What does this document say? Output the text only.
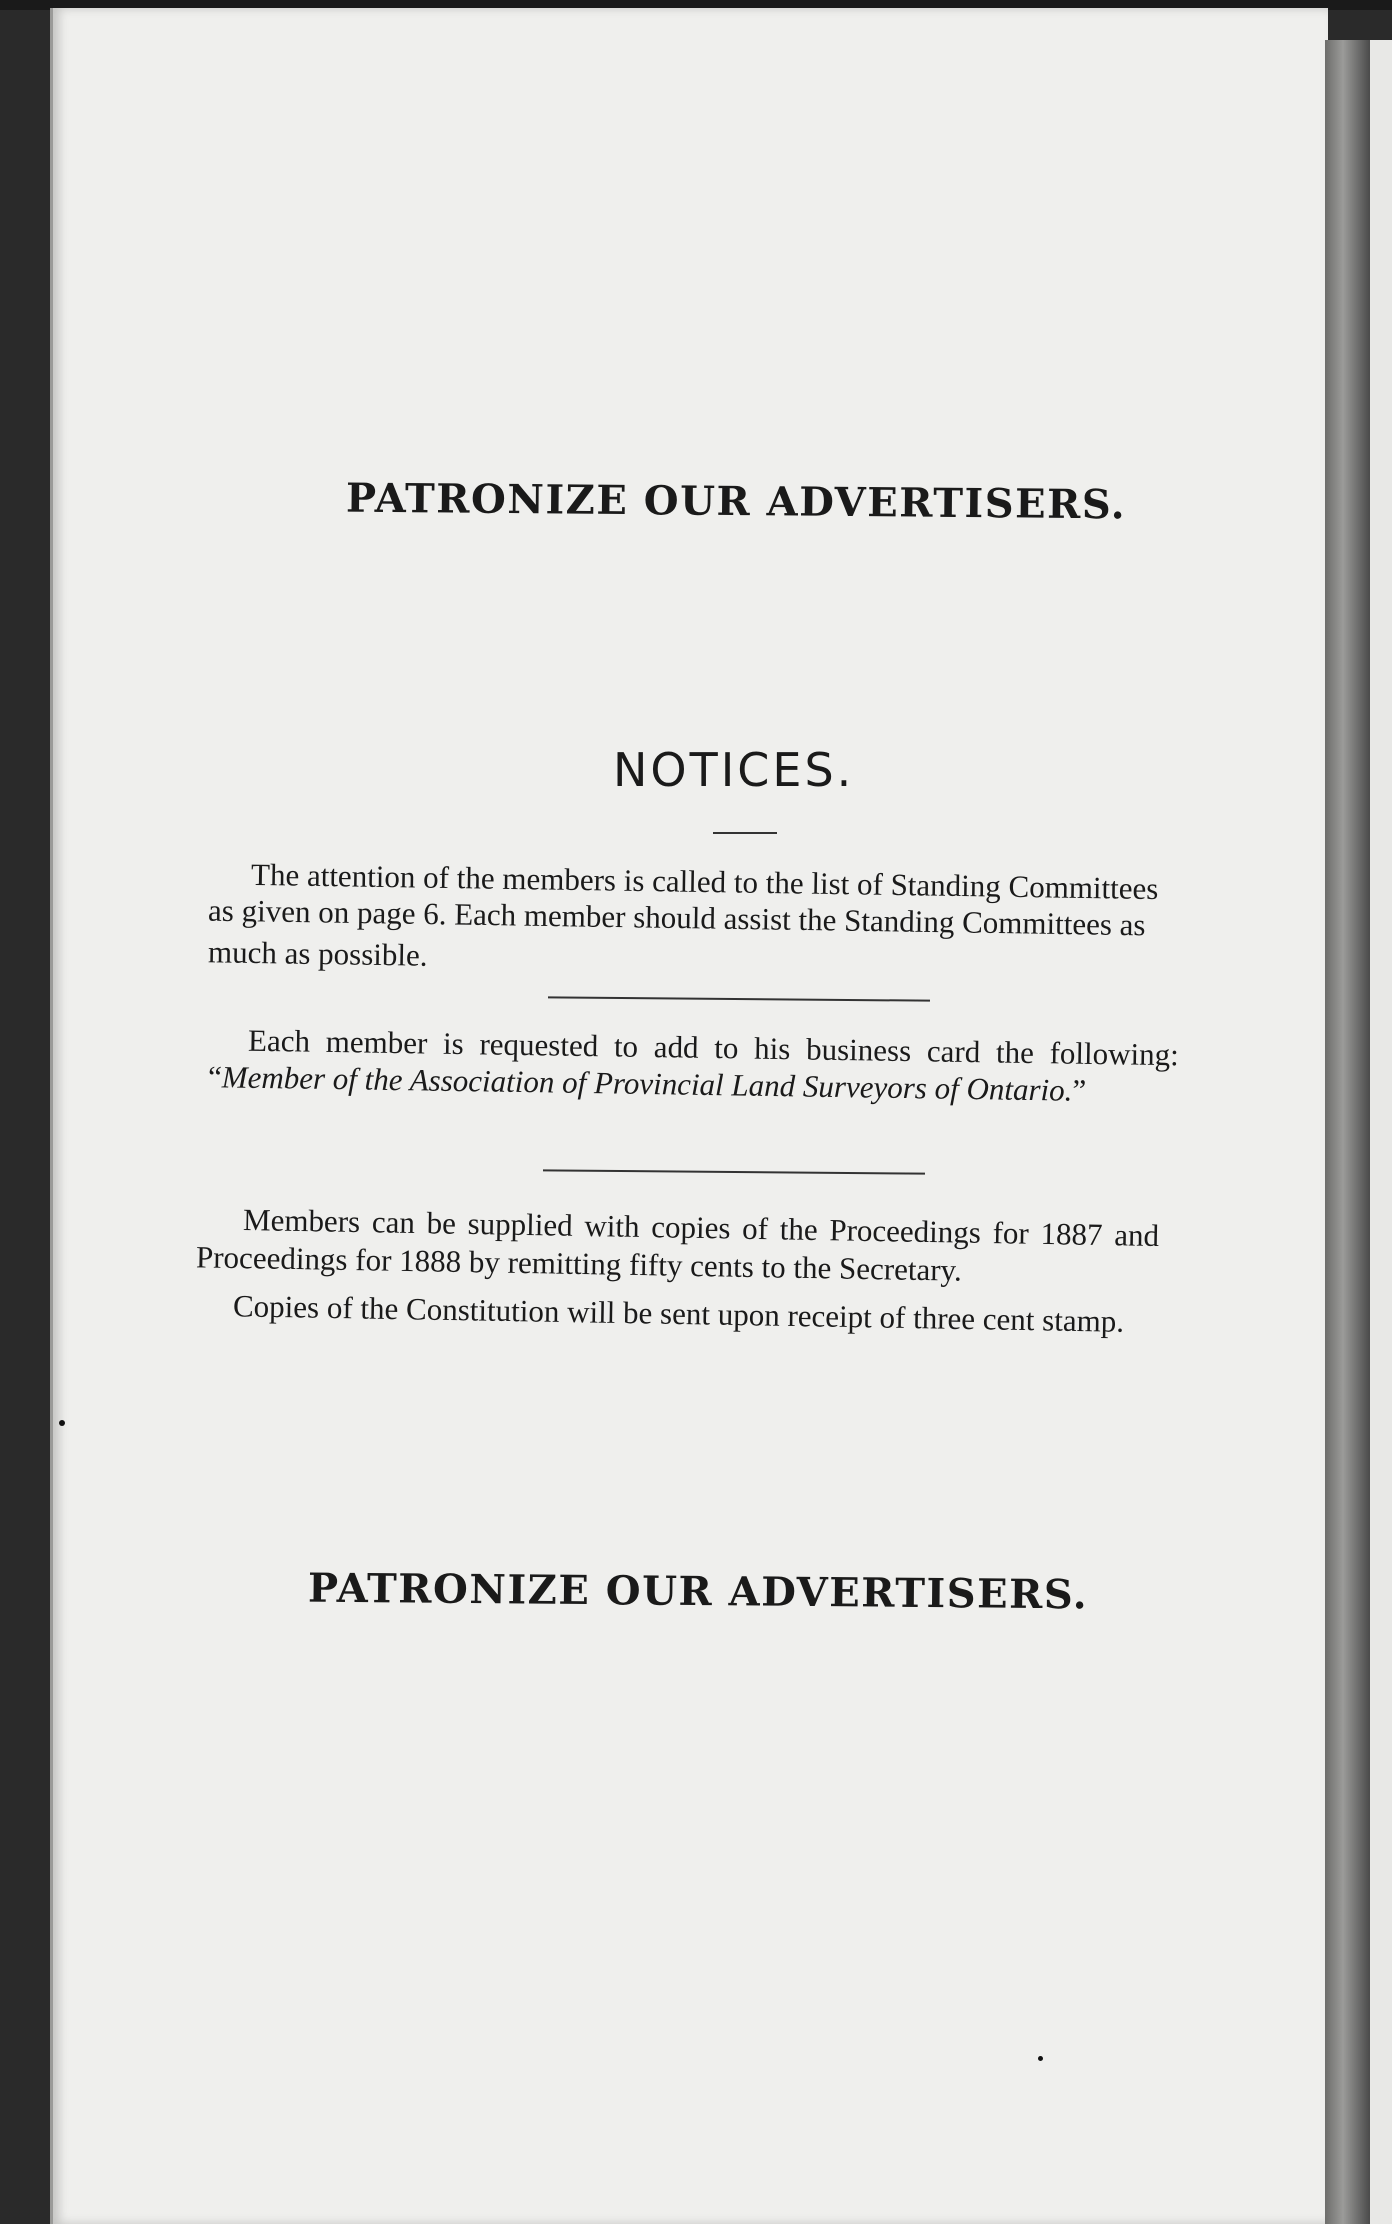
PATRONIZE OUR ADVERTISERS.
NOTICES.
The attention of the members is called to the list of Standing Committees
as given on page 6. Each member should assist the Standing Committees as
much as possible.
Each member is requested to add to his business card the following:
“Member of the Association of Provincial Land Surveyors of Ontario.”
Members can be supplied with copies of the Proceedings for 1887 and
Proceedings for 1888 by remitting fifty cents to the Secretary.
Copies of the Constitution will be sent upon receipt of three cent stamp.
PATRONIZE OUR ADVERTISERS.
